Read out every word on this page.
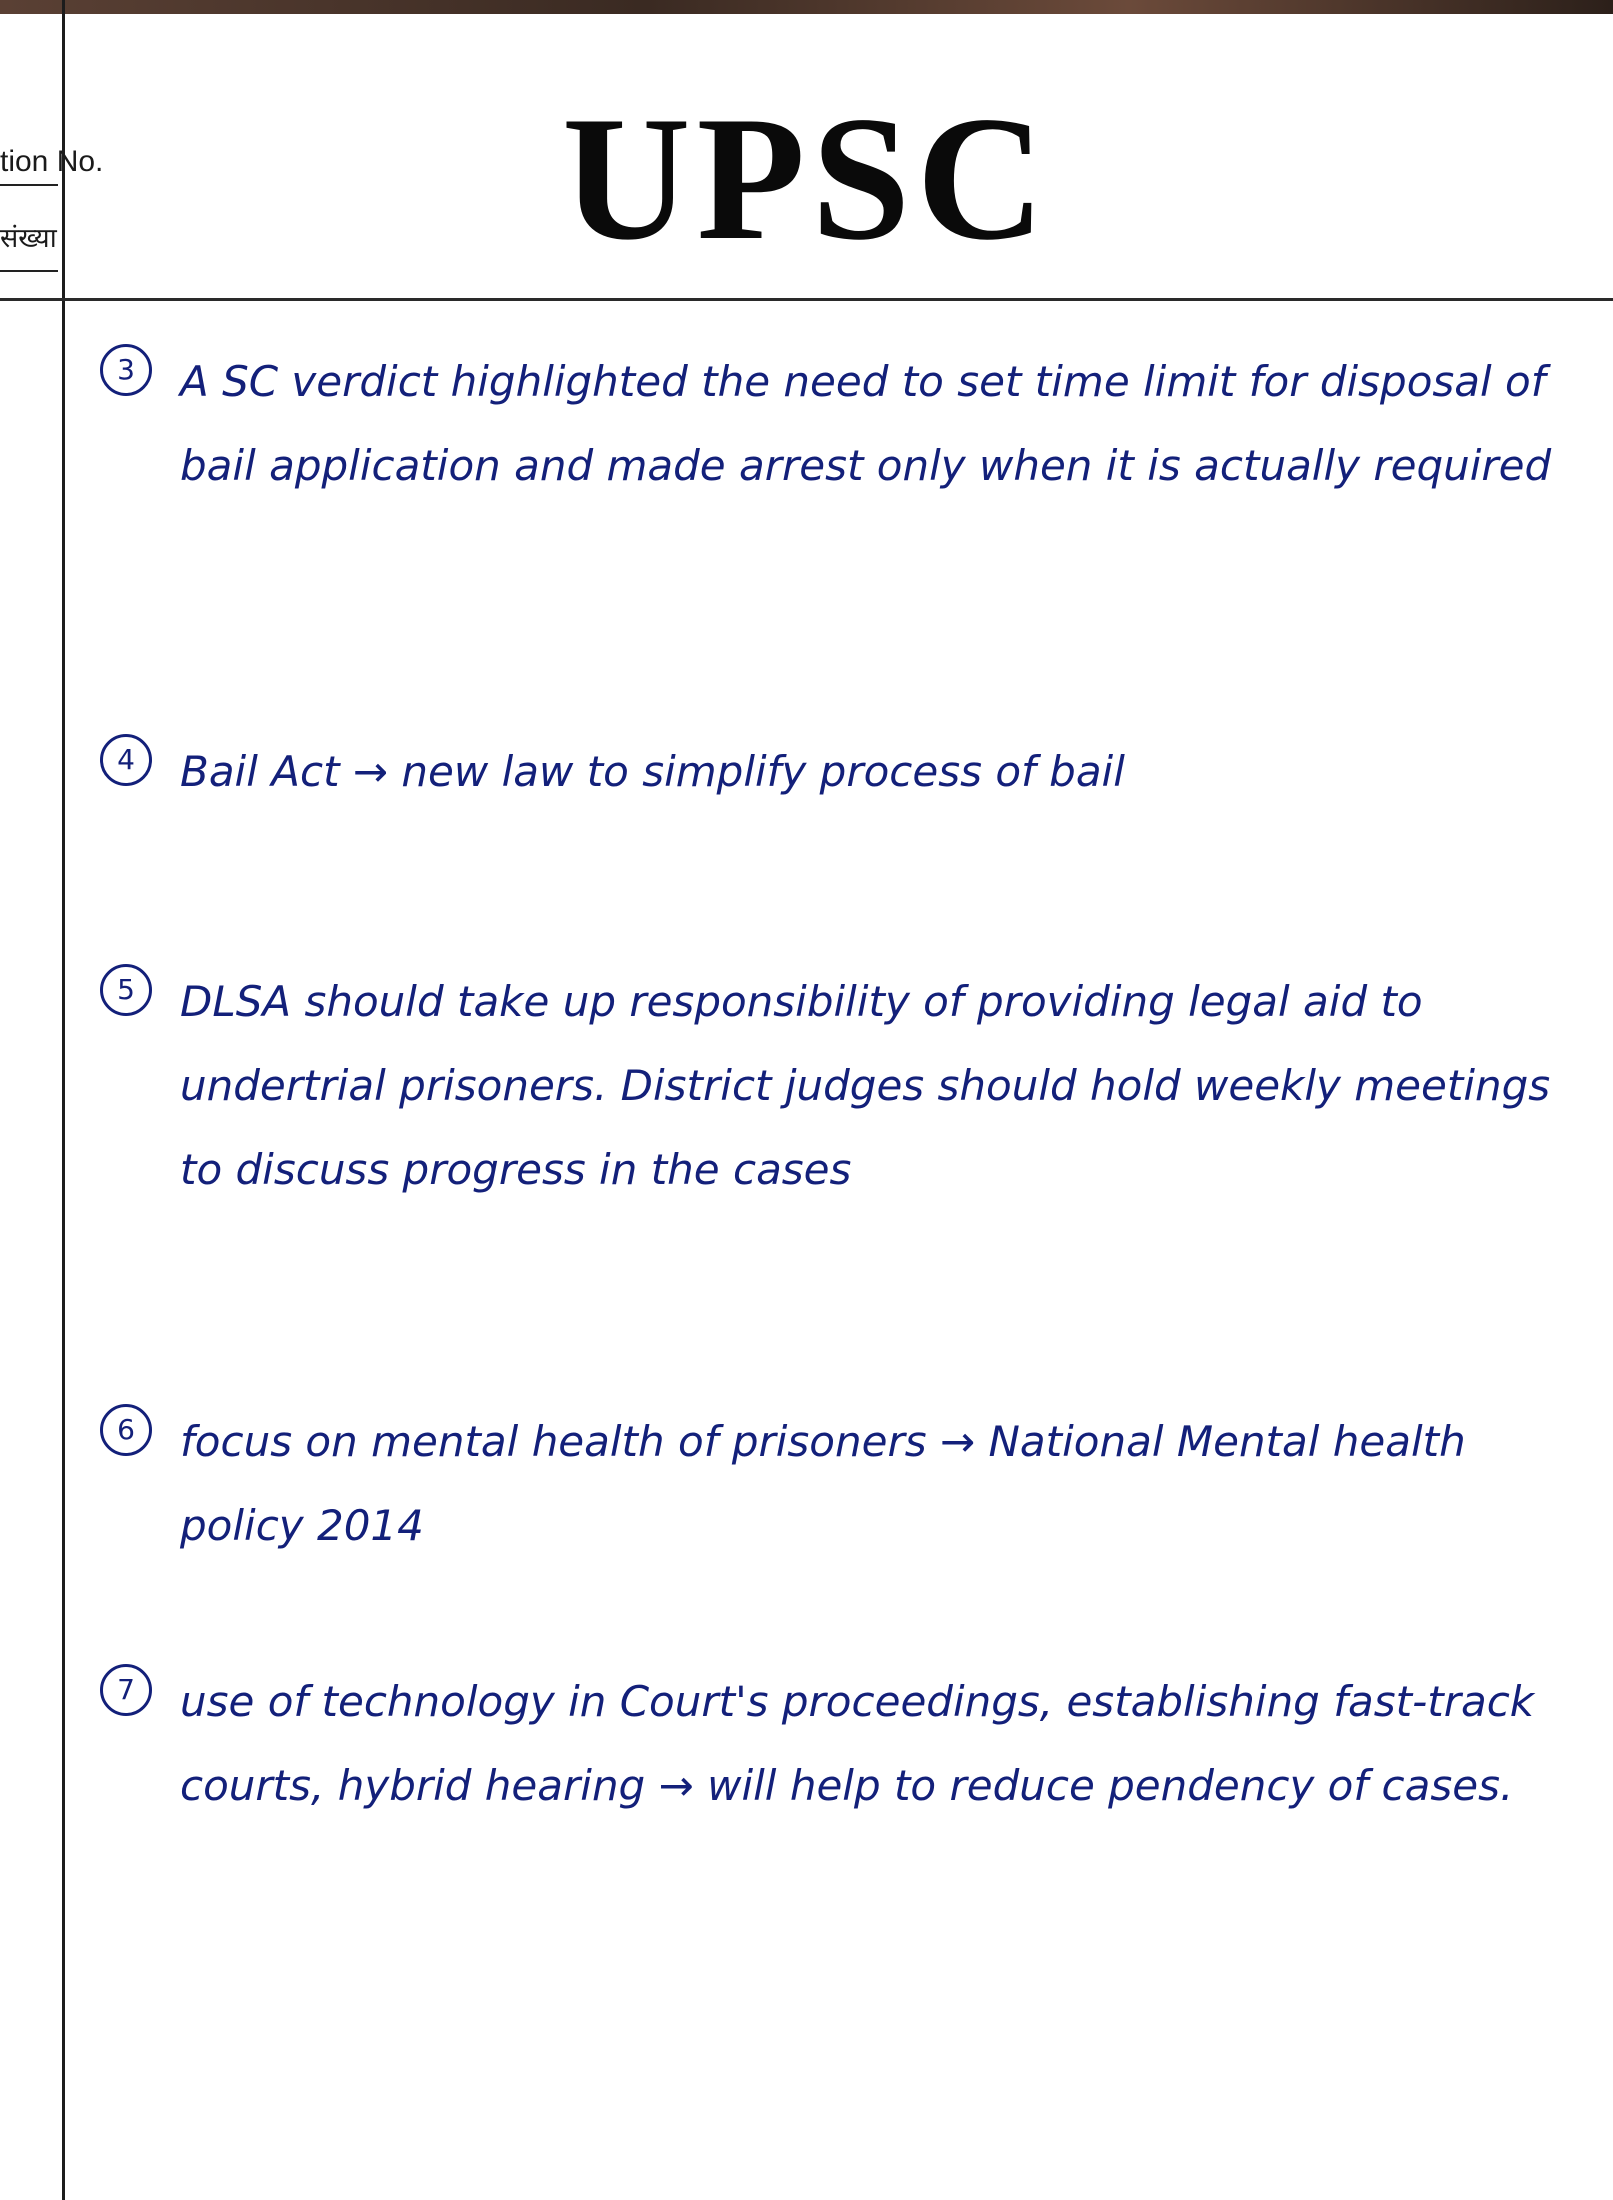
tion No.
संख्या	UPSC
3	A SC verdict highlighted the need to set time limit for disposal of bail application and made arrest only when it is actually required
4	Bail Act → new law to simplify process of bail
5	DLSA should take up responsibility of providing legal aid to undertrial prisoners. District judges should hold weekly meetings to discuss progress in the cases
6	focus on mental health of prisoners → National Mental health policy 2014
7	use of technology in Court's proceedings, establishing fast-track courts, hybrid hearing → will help to reduce pendency of cases.
